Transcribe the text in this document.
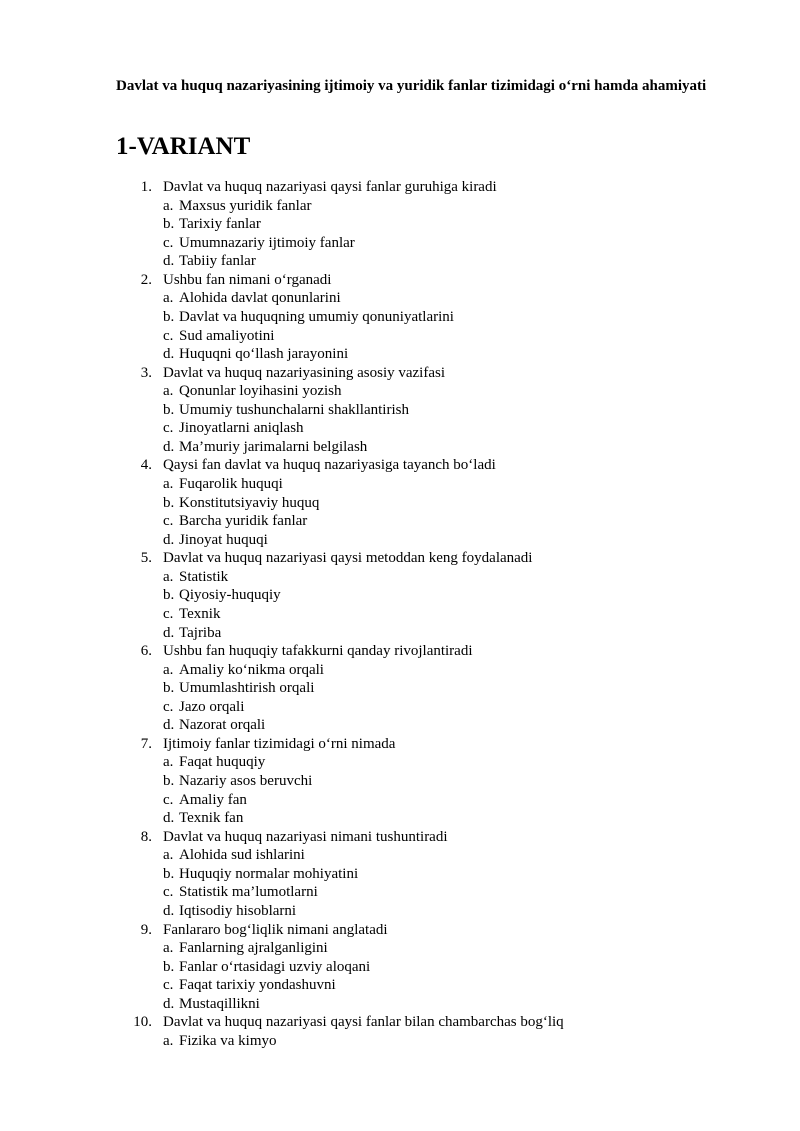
Davlat va huquq nazariyasining ijtimoiy va yuridik fanlar tizimidagi o‘rni hamda ahamiyati
1-VARIANT
1. Davlat va huquq nazariyasi qaysi fanlar guruhiga kiradi
a. Maxsus yuridik fanlar
b. Tarixiy fanlar
c. Umumnazariy ijtimoiy fanlar
d. Tabiiy fanlar
2. Ushbu fan nimani o‘rganadi
a. Alohida davlat qonunlarini
b. Davlat va huquqning umumiy qonuniyatlarini
c. Sud amaliyotini
d. Huquqni qo‘llash jarayonini
3. Davlat va huquq nazariyasining asosiy vazifasi
a. Qonunlar loyihasini yozish
b. Umumiy tushunchalarni shakllantirish
c. Jinoyatlarni aniqlash
d. Ma’muriy jarimalarni belgilash
4. Qaysi fan davlat va huquq nazariyasiga tayanch bo‘ladi
a. Fuqarolik huquqi
b. Konstitutsiyaviy huquq
c. Barcha yuridik fanlar
d. Jinoyat huquqi
5. Davlat va huquq nazariyasi qaysi metoddan keng foydalanadi
a. Statistik
b. Qiyosiy-huquqiy
c. Texnik
d. Tajriba
6. Ushbu fan huquqiy tafakkurni qanday rivojlantiradi
a. Amaliy ko‘nikma orqali
b. Umumlashtirish orqali
c. Jazo orqali
d. Nazorat orqali
7. Ijtimoiy fanlar tizimidagi o‘rni nimada
a. Faqat huquqiy
b. Nazariy asos beruvchi
c. Amaliy fan
d. Texnik fan
8. Davlat va huquq nazariyasi nimani tushuntiradi
a. Alohida sud ishlarini
b. Huquqiy normalar mohiyatini
c. Statistik ma’lumotlarni
d. Iqtisodiy hisoblarni
9. Fanlararo bog‘liqlik nimani anglatadi
a. Fanlarning ajralganligini
b. Fanlar o‘rtasidagi uzviy aloqani
c. Faqat tarixiy yondashuvni
d. Mustaqillikni
10. Davlat va huquq nazariyasi qaysi fanlar bilan chambarchas bog‘liq
a. Fizika va kimyo
